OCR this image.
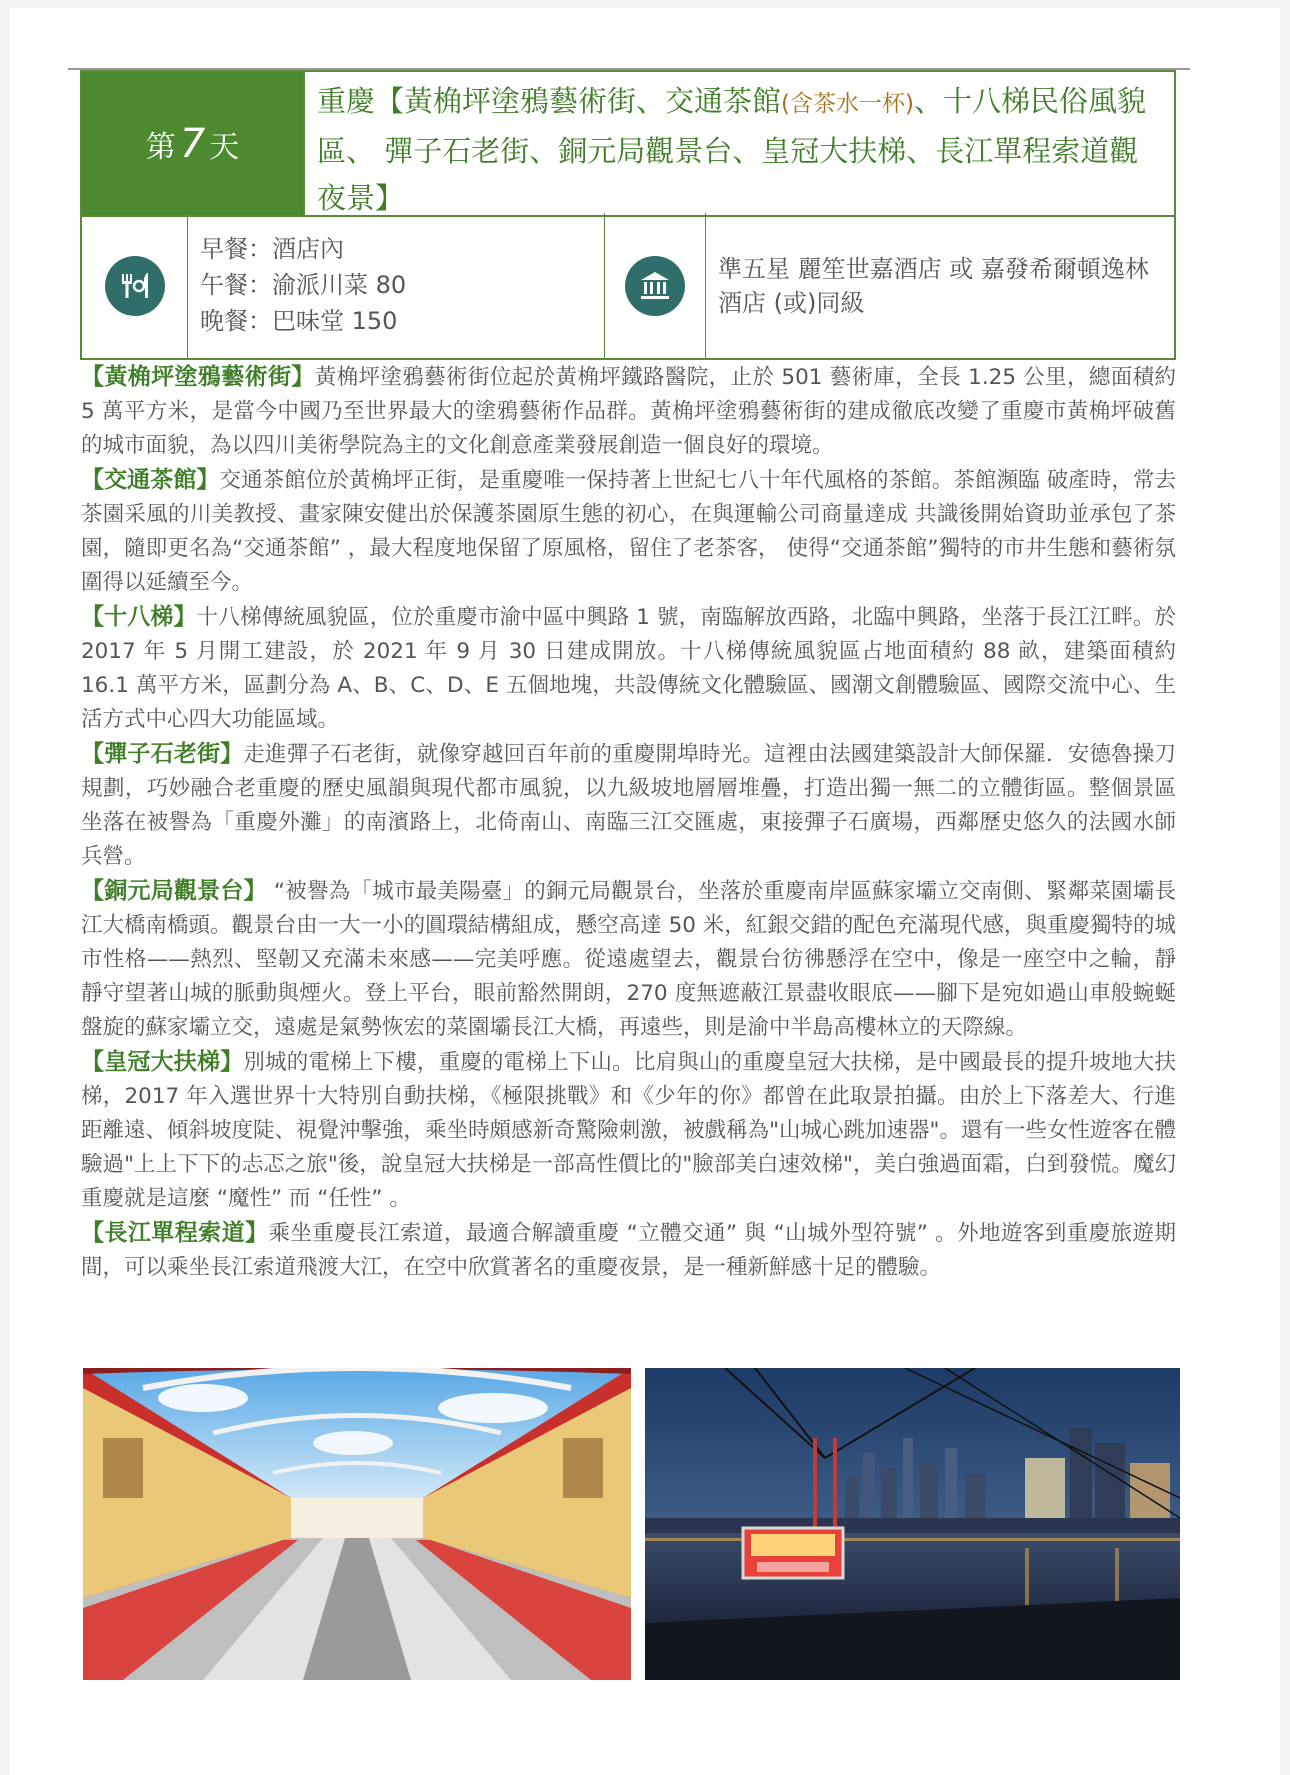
第 7 天
重慶【黃桷坪塗鴉藝術街、交通茶館(含茶水一杯)、十八梯民俗風貌區、 彈子石老街、銅元局觀景台、皇冠大扶梯、長江單程索道觀夜景】
早餐：酒店內
午餐：渝派川菜 80
晚餐：巴味堂 150
準五星 麗笙世嘉酒店 或 嘉發希爾頓逸林酒店 (或)同級

【黃桷坪塗鴉藝術街】黃桷坪塗鴉藝術街位起於黃桷坪鐵路醫院，止於 501 藝術庫，全長 1.25 公里，總面積約 5 萬平方米，是當今中國乃至世界最大的塗鴉藝術作品群。黃桷坪塗鴉藝術街的建成徹底改變了重慶市黃桷坪破舊的城市面貌，為以四川美術學院為主的文化創意產業發展創造一個良好的環境。

【交通茶館】交通茶館位於黃桷坪正街，是重慶唯一保持著上世紀七八十年代風格的茶館。茶館瀕臨 破產時，常去茶園采風的川美教授、畫家陳安健出於保護茶園原生態的初心，在與運輸公司商量達成 共識後開始資助並承包了茶園，隨即更名為“交通茶館” ，最大程度地保留了原風格，留住了老茶客， 使得“交通茶館”獨特的市井生態和藝術氛圍得以延續至今。

【十八梯】十八梯傳統風貌區，位於重慶市渝中區中興路 1 號，南臨解放西路，北臨中興路，坐落于長江江畔。於 2017 年 5 月開工建設，於 2021 年 9 月 30 日建成開放。十八梯傳統風貌區占地面積約 88 畝，建築面積約 16.1 萬平方米，區劃分為 A、B、C、D、E 五個地塊，共設傳統文化體驗區、國潮文創體驗區、國際交流中心、生活方式中心四大功能區域。

【彈子石老街】走進彈子石老街，就像穿越回百年前的重慶開埠時光。這裡由法國建築設計大師保羅．安德魯操刀規劃，巧妙融合老重慶的歷史風韻與現代都市風貌，以九級坡地層層堆疊，打造出獨一無二的立體街區。整個景區坐落在被譽為「重慶外灘」的南濱路上，北倚南山、南臨三江交匯處，東接彈子石廣場，西鄰歷史悠久的法國水師兵營。

【銅元局觀景台】 “被譽為「城市最美陽臺」的銅元局觀景台，坐落於重慶南岸區蘇家壩立交南側、緊鄰菜園壩長江大橋南橋頭。觀景台由一大一小的圓環結構組成，懸空高達 50 米，紅銀交錯的配色充滿現代感，與重慶獨特的城市性格——熱烈、堅韌又充滿未來感——完美呼應。從遠處望去，觀景台彷彿懸浮在空中，像是一座空中之輪，靜靜守望著山城的脈動與煙火。登上平台，眼前豁然開朗，270 度無遮蔽江景盡收眼底——腳下是宛如過山車般蜿蜒盤旋的蘇家壩立交，遠處是氣勢恢宏的菜園壩長江大橋，再遠些，則是渝中半島高樓林立的天際線。

【皇冠大扶梯】別城的電梯上下樓，重慶的電梯上下山。比肩與山的重慶皇冠大扶梯，是中國最長的提升坡地大扶梯，2017 年入選世界十大特別自動扶梯，《極限挑戰》和《少年的你》都曾在此取景拍攝。由於上下落差大、行進距離遠、傾斜坡度陡、視覺沖擊強，乘坐時頗感新奇驚險刺激，被戲稱為"山城心跳加速器"。還有一些女性遊客在體驗過"上上下下的忐忑之旅"後，說皇冠大扶梯是一部高性價比的"臉部美白速效梯"，美白強過面霜，白到發慌。魔幻重慶就是這麼 “魔性” 而 “任性” 。

【長江單程索道】乘坐重慶長江索道，最適合解讀重慶 “立體交通” 與 “山城外型符號” 。外地遊客到重慶旅遊期間，可以乘坐長江索道飛渡大江，在空中欣賞著名的重慶夜景，是一種新鮮感十足的體驗。
